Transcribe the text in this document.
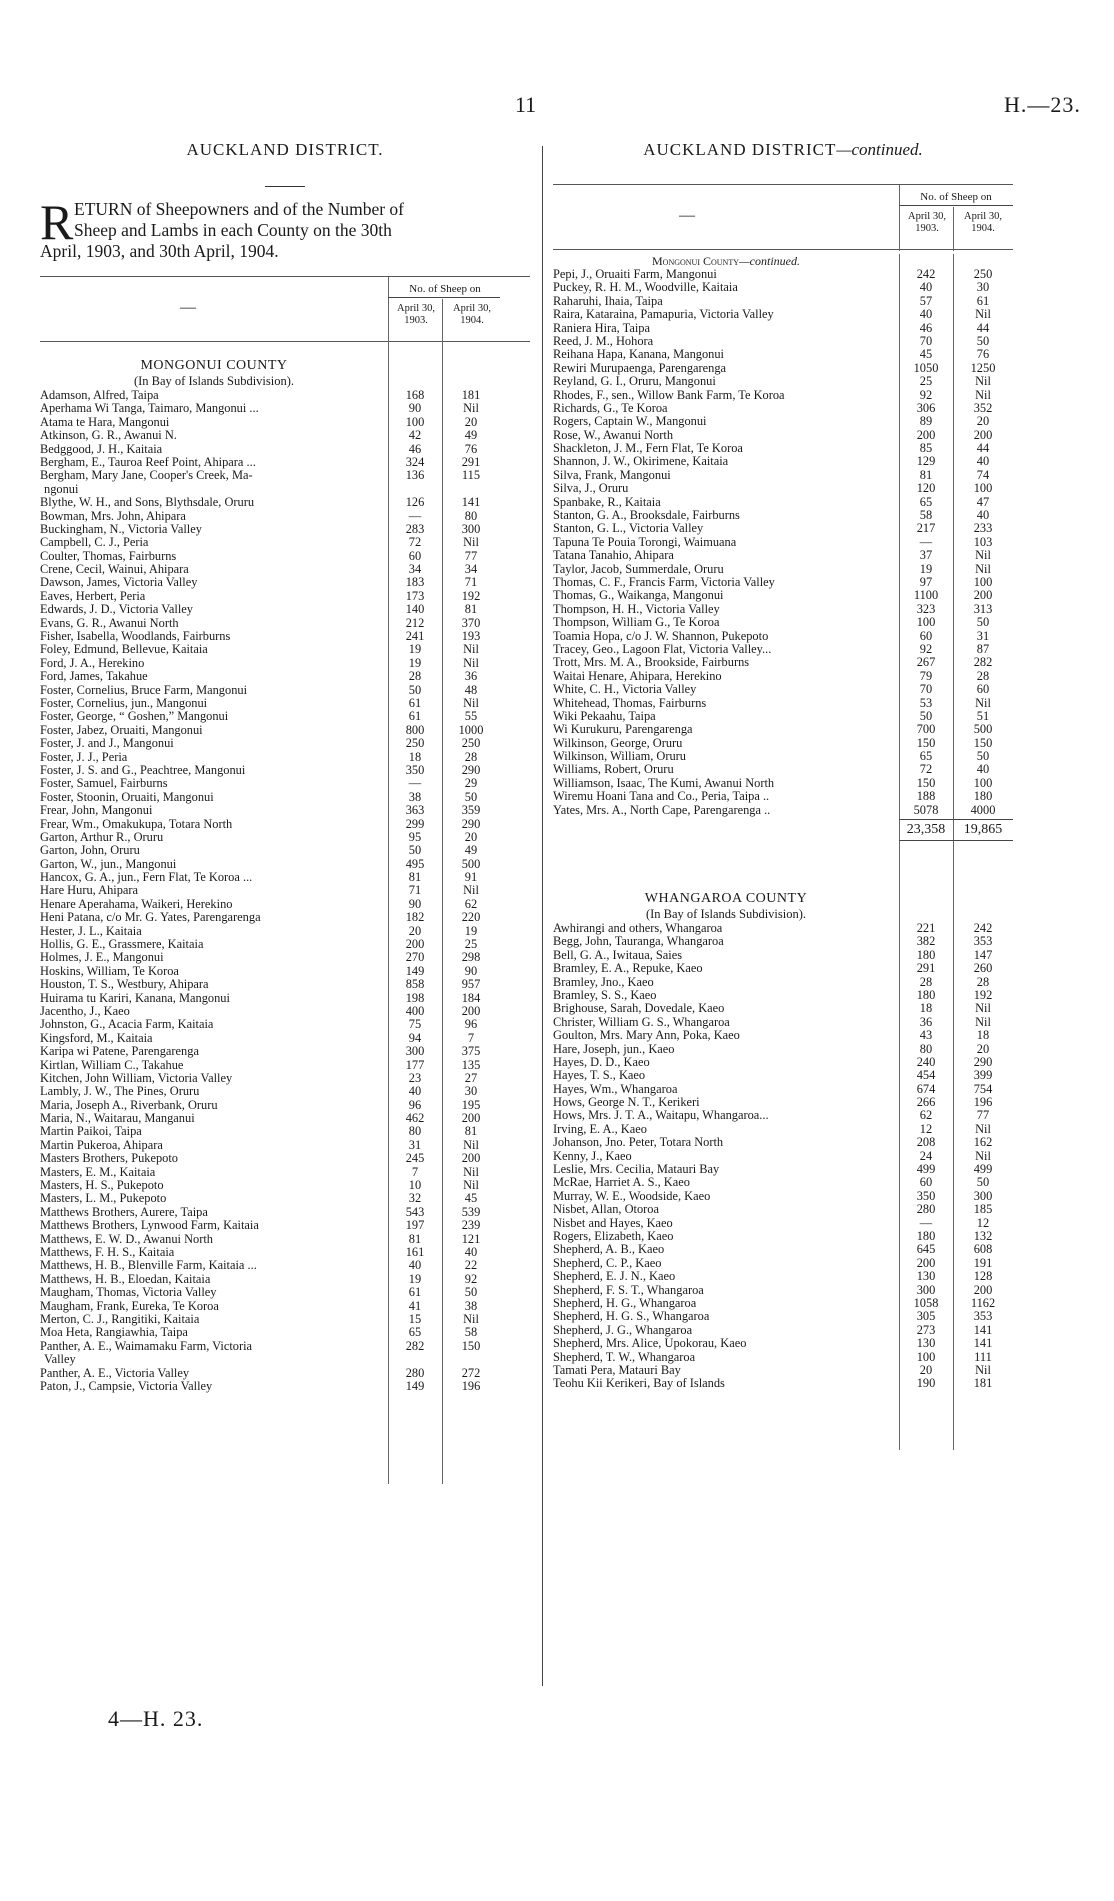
11	H.—23.
AUCKLAND DISTRICT.
R ETURN of Sheepowners and of the Number of
Sheep and Lambs in each County on the 30th
April, 1903, and 30th April, 1904.
—
No. of Sheep on
April 30,
1903.
April 30,
1904.
MONGONUI COUNTY
(In Bay of Islands Subdivision).
Adamson, Alfred, Taipa	168	181
Aperhama Wi Tanga, Taimaro, Mangonui ...	90	Nil
Atama te Hara, Mangonui	100	20
Atkinson, G. R., Awanui N.	42	49
Bedggood, J. H., Kaitaia	46	76
Bergham, E., Tauroa Reef Point, Ahipara ...	324	291
Bergham, Mary Jane, Cooper's Creek, Ma-	136	115
ngonui
Blythe, W. H., and Sons, Blythsdale, Oruru	126	141
Bowman, Mrs. John, Ahipara	—	80
Buckingham, N., Victoria Valley	283	300
Campbell, C. J., Peria	72	Nil
Coulter, Thomas, Fairburns	60	77
Crene, Cecil, Wainui, Ahipara	34	34
Dawson, James, Victoria Valley	183	71
Eaves, Herbert, Peria	173	192
Edwards, J. D., Victoria Valley	140	81
Evans, G. R., Awanui North	212	370
Fisher, Isabella, Woodlands, Fairburns	241	193
Foley, Edmund, Bellevue, Kaitaia	19	Nil
Ford, J. A., Herekino	19	Nil
Ford, James, Takahue	28	36
Foster, Cornelius, Bruce Farm, Mangonui	50	48
Foster, Cornelius, jun., Mangonui	61	Nil
Foster, George, “ Goshen,” Mangonui	61	55
Foster, Jabez, Oruaiti, Mangonui	800	1000
Foster, J. and J., Mangonui	250	250
Foster, J. J., Peria	18	28
Foster, J. S. and G., Peachtree, Mangonui	350	290
Foster, Samuel, Fairburns	—	29
Foster, Stoonin, Oruaiti, Mangonui	38	50
Frear, John, Mangonui	363	359
Frear, Wm., Omakukupa, Totara North	299	290
Garton, Arthur R., Oruru	95	20
Garton, John, Oruru	50	49
Garton, W., jun., Mangonui	495	500
Hancox, G. A., jun., Fern Flat, Te Koroa ...	81	91
Hare Huru, Ahipara	71	Nil
Henare Aperahama, Waikeri, Herekino	90	62
Heni Patana, c/o Mr. G. Yates, Parengarenga	182	220
Hester, J. L., Kaitaia	20	19
Hollis, G. E., Grassmere, Kaitaia	200	25
Holmes, J. E., Mangonui	270	298
Hoskins, William, Te Koroa	149	90
Houston, T. S., Westbury, Ahipara	858	957
Huirama tu Kariri, Kanana, Mangonui	198	184
Jacentho, J., Kaeo	400	200
Johnston, G., Acacia Farm, Kaitaia	75	96
Kingsford, M., Kaitaia	94	7
Karipa wi Patene, Parengarenga	300	375
Kirtlan, William C., Takahue	177	135
Kitchen, John William, Victoria Valley	23	27
Lambly, J. W., The Pines, Oruru	40	30
Maria, Joseph A., Riverbank, Oruru	96	195
Maria, N., Waitarau, Manganui	462	200
Martin Paikoi, Taipa	80	81
Martin Pukeroa, Ahipara	31	Nil
Masters Brothers, Pukepoto	245	200
Masters, E. M., Kaitaia	7	Nil
Masters, H. S., Pukepoto	10	Nil
Masters, L. M., Pukepoto	32	45
Matthews Brothers, Aurere, Taipa	543	539
Matthews Brothers, Lynwood Farm, Kaitaia	197	239
Matthews, E. W. D., Awanui North	81	121
Matthews, F. H. S., Kaitaia	161	40
Matthews, H. B., Blenville Farm, Kaitaia ...	40	22
Matthews, H. B., Eloedan, Kaitaia	19	92
Maugham, Thomas, Victoria Valley	61	50
Maugham, Frank, Eureka, Te Koroa	41	38
Merton, C. J., Rangitiki, Kaitaia	15	Nil
Moa Heta, Rangiawhia, Taipa	65	58
Panther, A. E., Waimamaku Farm, Victoria	282	150
Valley
Panther, A. E., Victoria Valley	280	272
Paton, J., Campsie, Victoria Valley	149	196
AUCKLAND DISTRICT—continued.
—
No. of Sheep on
April 30,
1903.
April 30,
1904.
Mongonui County—continued.
Pepi, J., Oruaiti Farm, Mangonui	242	250
Puckey, R. H. M., Woodville, Kaitaia	40	30
Raharuhi, Ihaia, Taipa	57	61
Raira, Kataraina, Pamapuria, Victoria Valley	40	Nil
Raniera Hira, Taipa	46	44
Reed, J. M., Hohora	70	50
Reihana Hapa, Kanana, Mangonui	45	76
Rewiri Murupaenga, Parengarenga	1050	1250
Reyland, G. I., Oruru, Mangonui	25	Nil
Rhodes, F., sen., Willow Bank Farm, Te Koroa	92	Nil
Richards, G., Te Koroa	306	352
Rogers, Captain W., Mangonui	89	20
Rose, W., Awanui North	200	200
Shackleton, J. M., Fern Flat, Te Koroa	85	44
Shannon, J. W., Okirimene, Kaitaia	129	40
Silva, Frank, Mangonui	81	74
Silva, J., Oruru	120	100
Spanbake, R., Kaitaia	65	47
Stanton, G. A., Brooksdale, Fairburns	58	40
Stanton, G. L., Victoria Valley	217	233
Tapuna Te Pouia Torongi, Waimuana	—	103
Tatana Tanahio, Ahipara	37	Nil
Taylor, Jacob, Summerdale, Oruru	19	Nil
Thomas, C. F., Francis Farm, Victoria Valley	97	100
Thomas, G., Waikanga, Mangonui	1100	200
Thompson, H. H., Victoria Valley	323	313
Thompson, William G., Te Koroa	100	50
Toamia Hopa, c/o J. W. Shannon, Pukepoto	60	31
Tracey, Geo., Lagoon Flat, Victoria Valley...	92	87
Trott, Mrs. M. A., Brookside, Fairburns	267	282
Waitai Henare, Ahipara, Herekino	79	28
White, C. H., Victoria Valley	70	60
Whitehead, Thomas, Fairburns	53	Nil
Wiki Pekaahu, Taipa	50	51
Wi Kurukuru, Parengarenga	700	500
Wilkinson, George, Oruru	150	150
Wilkinson, William, Oruru	65	50
Williams, Robert, Oruru	72	40
Williamson, Isaac, The Kumi, Awanui North	150	100
Wiremu Hoani Tana and Co., Peria, Taipa ..	188	180
Yates, Mrs. A., North Cape, Parengarenga ..	5078	4000
23,358	19,865
WHANGAROA COUNTY
(In Bay of Islands Subdivision).
Awhirangi and others, Whangaroa	221	242
Begg, John, Tauranga, Whangaroa	382	353
Bell, G. A., Iwitaua, Saies	180	147
Bramley, E. A., Repuke, Kaeo	291	260
Bramley, Jno., Kaeo	28	28
Bramley, S. S., Kaeo	180	192
Brighouse, Sarah, Dovedale, Kaeo	18	Nil
Christer, William G. S., Whangaroa	36	Nil
Goulton, Mrs. Mary Ann, Poka, Kaeo	43	18
Hare, Joseph, jun., Kaeo	80	20
Hayes, D. D., Kaeo	240	290
Hayes, T. S., Kaeo	454	399
Hayes, Wm., Whangaroa	674	754
Hows, George N. T., Kerikeri	266	196
Hows, Mrs. J. T. A., Waitapu, Whangaroa...	62	77
Irving, E. A., Kaeo	12	Nil
Johanson, Jno. Peter, Totara North	208	162
Kenny, J., Kaeo	24	Nil
Leslie, Mrs. Cecilia, Matauri Bay	499	499
McRae, Harriet A. S., Kaeo	60	50
Murray, W. E., Woodside, Kaeo	350	300
Nisbet, Allan, Otoroa	280	185
Nisbet and Hayes, Kaeo	—	12
Rogers, Elizabeth, Kaeo	180	132
Shepherd, A. B., Kaeo	645	608
Shepherd, C. P., Kaeo	200	191
Shepherd, E. J. N., Kaeo	130	128
Shepherd, F. S. T., Whangaroa	300	200
Shepherd, H. G., Whangaroa	1058	1162
Shepherd, H. G. S., Whangaroa	305	353
Shepherd, J. G., Whangaroa	273	141
Shepherd, Mrs. Alice, Upokorau, Kaeo	130	141
Shepherd, T. W., Whangaroa	100	111
Tamati Pera, Matauri Bay	20	Nil
Teohu Kii Kerikeri, Bay of Islands	190	181
4—H. 23.
